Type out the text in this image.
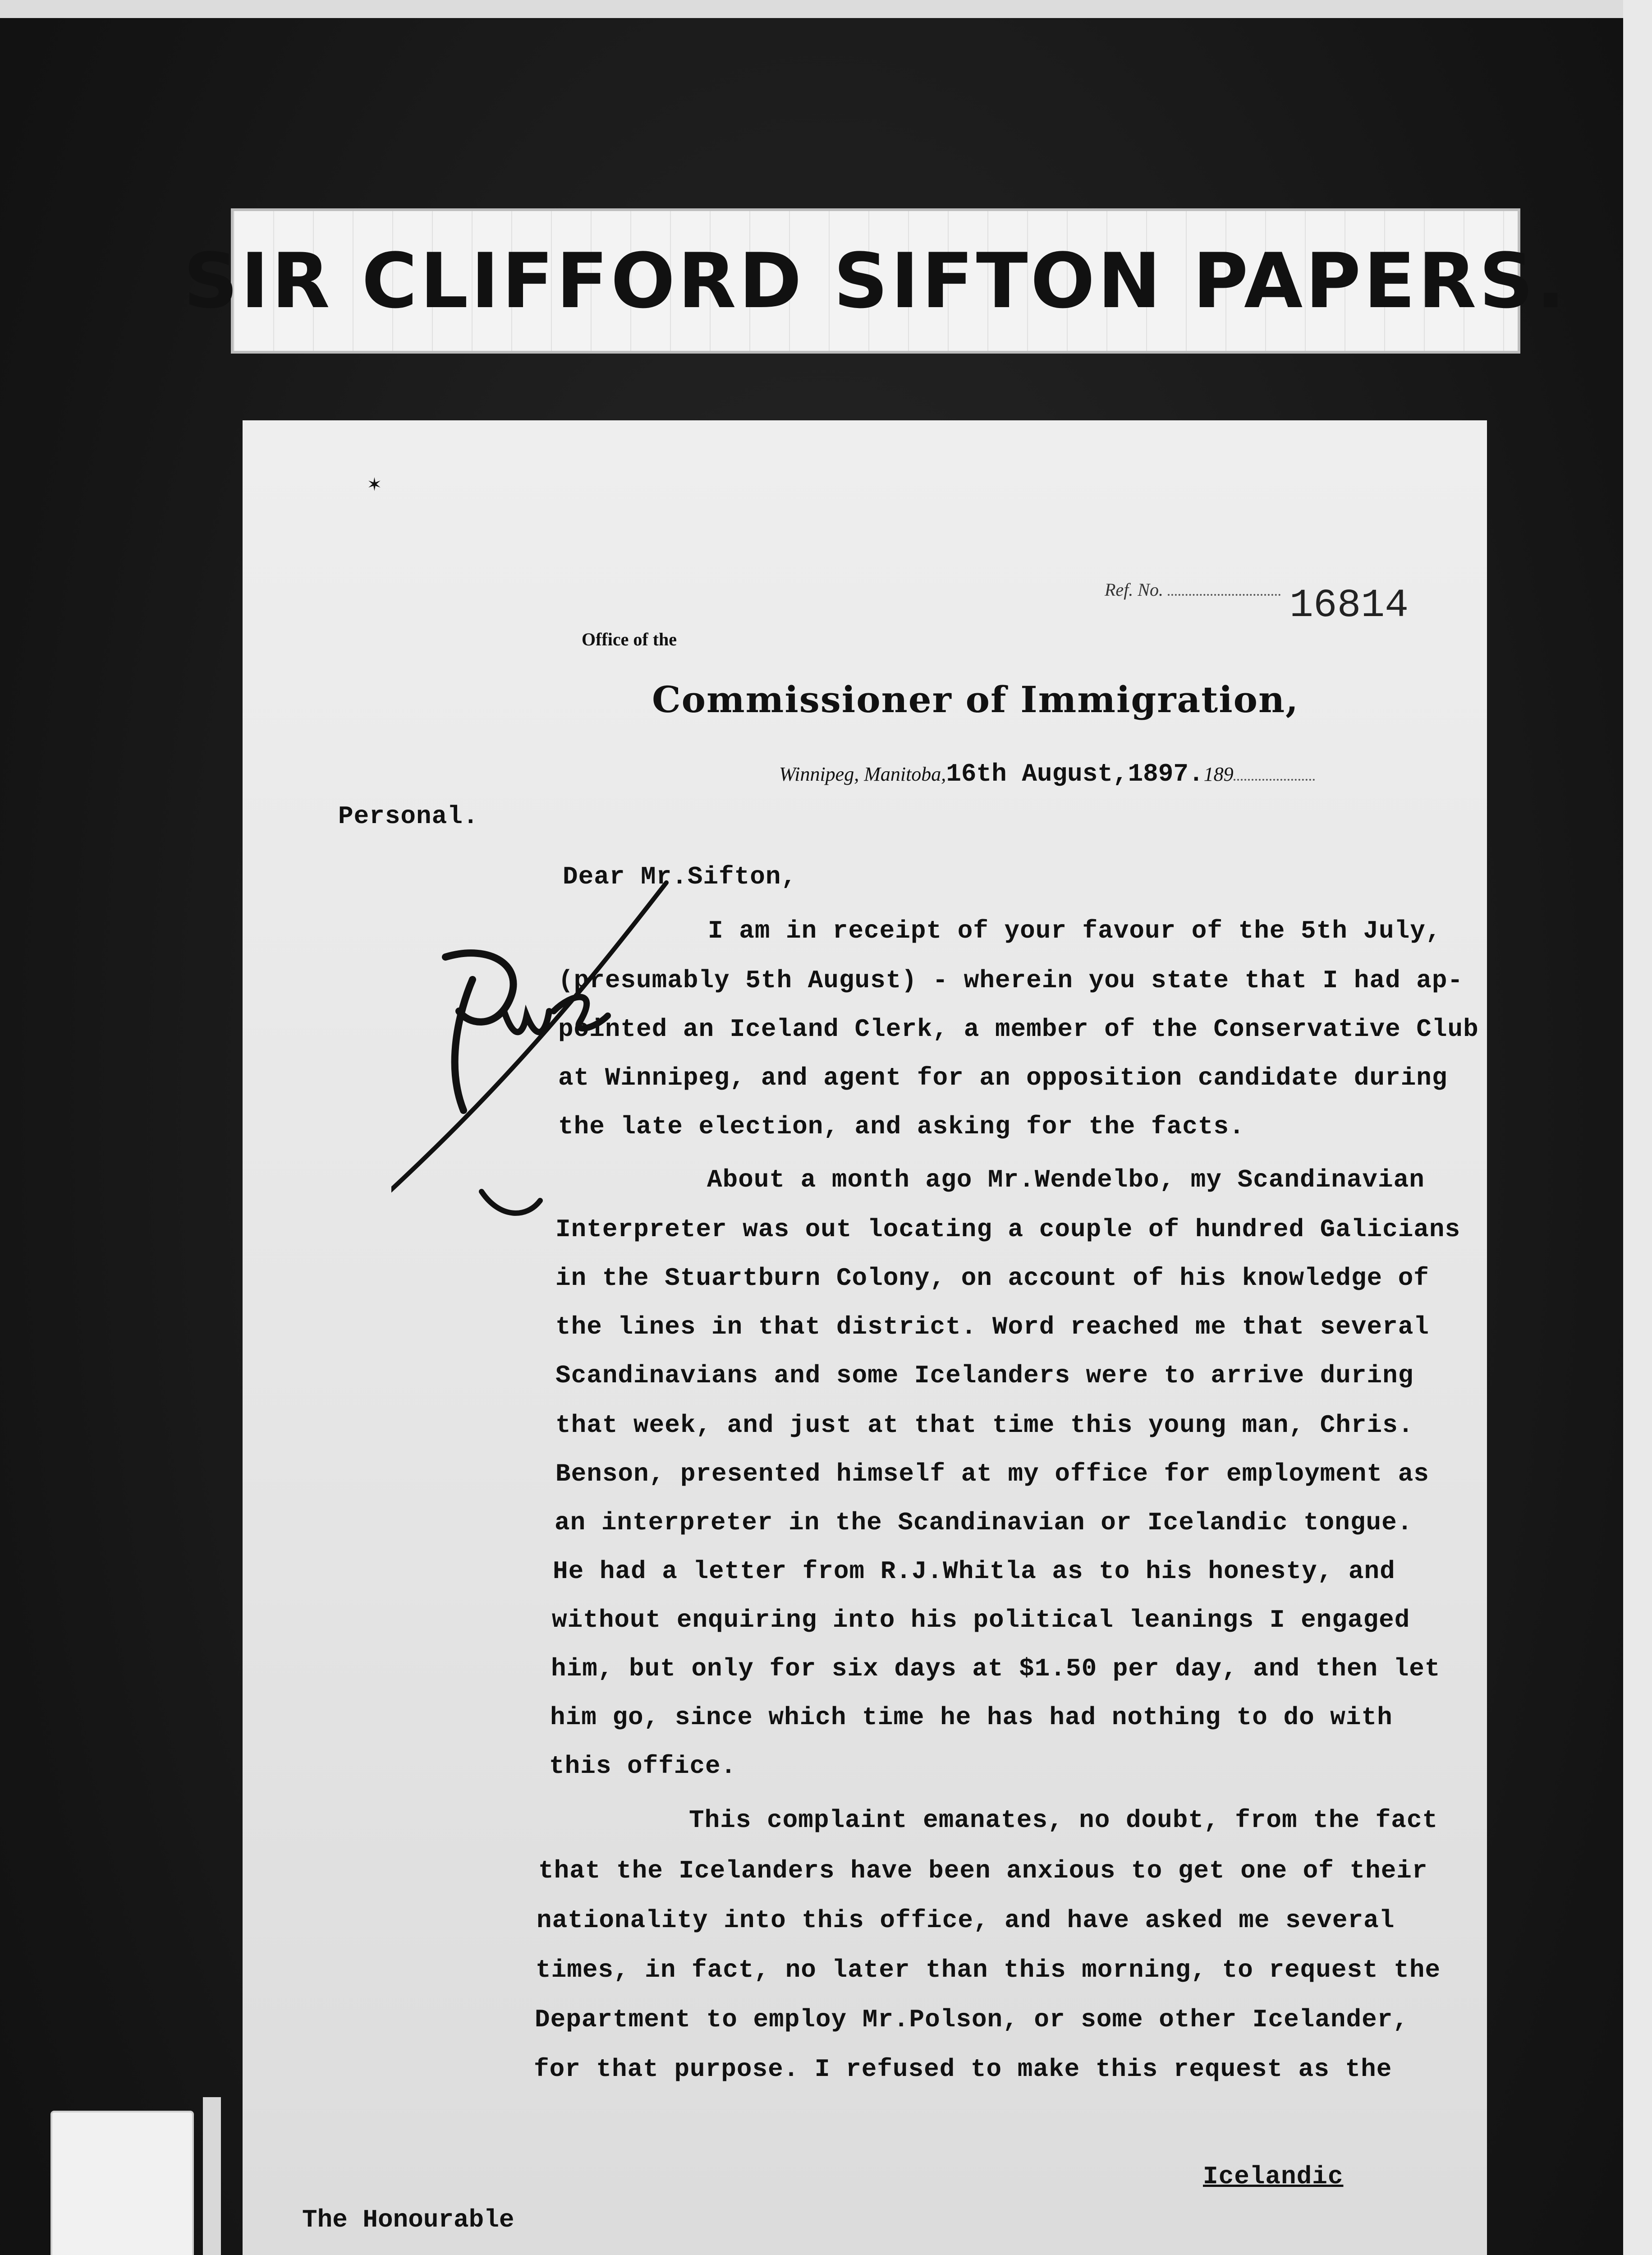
SIR CLIFFORD SIFTON PAPERS.
✶
Ref. No.	16814
Office of the
Commissioner of Immigration,
Winnipeg, Manitoba,16th August,1897.189
Personal.
Dear Mr.Sifton,
I am in receipt of your favour of the 5th July,
(presumably 5th August) - wherein you state that I had ap-
pointed an Iceland Clerk, a member of the Conservative Club
at Winnipeg, and agent for an opposition candidate during
the late election, and asking for the facts.
About a month ago Mr.Wendelbo, my Scandinavian
Interpreter was out locating a couple of hundred Galicians
in the Stuartburn Colony, on account of his knowledge of
the lines in that district. Word reached me that several
Scandinavians and some Icelanders were to arrive during
that week, and just at that time this young man, Chris.
Benson, presented himself at my office for employment as
an interpreter in the Scandinavian or Icelandic tongue.
He had a letter from R.J.Whitla as to his honesty, and
without enquiring into his political leanings I engaged
him, but only for six days at $1.50 per day, and then let
him go, since which time he has had nothing to do with
this office.
This complaint emanates, no doubt, from the fact
that the Icelanders have been anxious to get one of their
nationality into this office, and have asked me several
times, in fact, no later than this morning, to request the
Department to employ Mr.Polson, or some other Icelander,
for that purpose. I refused to make this request as the
Icelandic
The Honourable
